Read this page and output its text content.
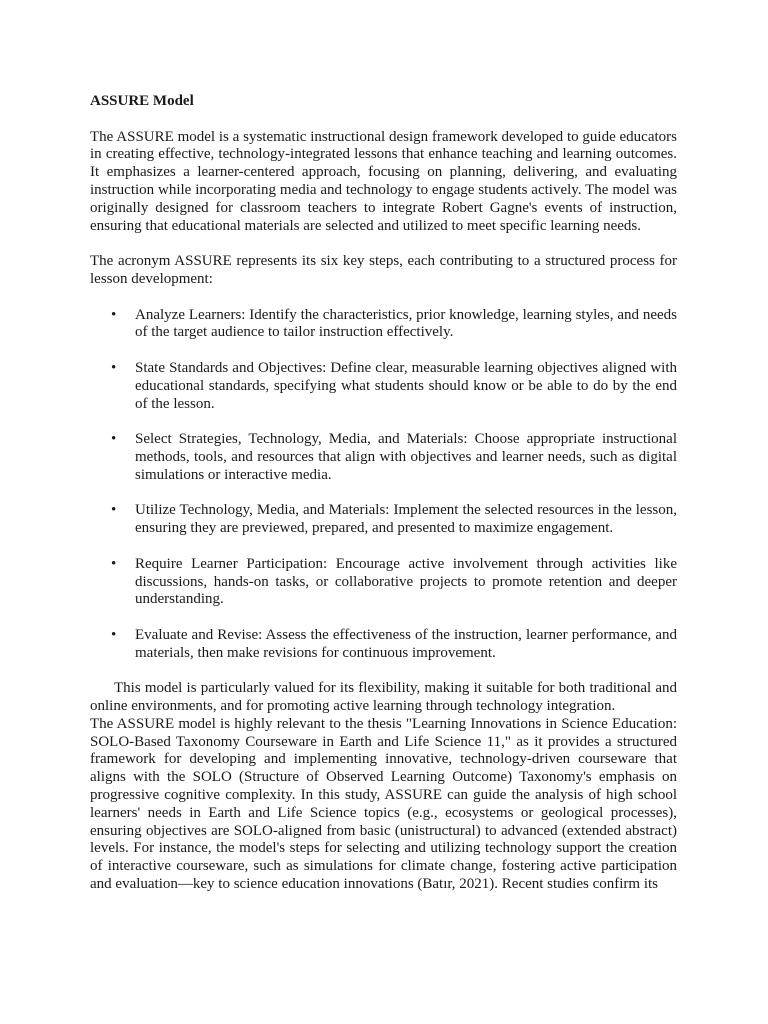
ASSURE Model

The ASSURE model is a systematic instructional design framework developed to guide educators in creating effective, technology-integrated lessons that enhance teaching and learning outcomes. It emphasizes a learner-centered approach, focusing on planning, delivering, and evaluating instruction while incorporating media and technology to engage students actively. The model was originally designed for classroom teachers to integrate Robert Gagne's events of instruction, ensuring that educational materials are selected and utilized to meet specific learning needs.

The acronym ASSURE represents its six key steps, each contributing to a structured process for lesson development:

• Analyze Learners: Identify the characteristics, prior knowledge, learning styles, and needs of the target audience to tailor instruction effectively.
• State Standards and Objectives: Define clear, measurable learning objectives aligned with educational standards, specifying what students should know or be able to do by the end of the lesson.
• Select Strategies, Technology, Media, and Materials: Choose appropriate instructional methods, tools, and resources that align with objectives and learner needs, such as digital simulations or interactive media.
• Utilize Technology, Media, and Materials: Implement the selected resources in the lesson, ensuring they are previewed, prepared, and presented to maximize engagement.
• Require Learner Participation: Encourage active involvement through activities like discussions, hands-on tasks, or collaborative projects to promote retention and deeper understanding.
• Evaluate and Revise: Assess the effectiveness of the instruction, learner performance, and materials, then make revisions for continuous improvement.

This model is particularly valued for its flexibility, making it suitable for both traditional and online environments, and for promoting active learning through technology integration.

The ASSURE model is highly relevant to the thesis "Learning Innovations in Science Education: SOLO-Based Taxonomy Courseware in Earth and Life Science 11," as it provides a structured framework for developing and implementing innovative, technology-driven courseware that aligns with the SOLO (Structure of Observed Learning Outcome) Taxonomy's emphasis on progressive cognitive complexity. In this study, ASSURE can guide the analysis of high school learners' needs in Earth and Life Science topics (e.g., ecosystems or geological processes), ensuring objectives are SOLO-aligned from basic (unistructural) to advanced (extended abstract) levels. For instance, the model's steps for selecting and utilizing technology support the creation of interactive courseware, such as simulations for climate change, fostering active participation and evaluation—key to science education innovations (Batır, 2021). Recent studies confirm its
